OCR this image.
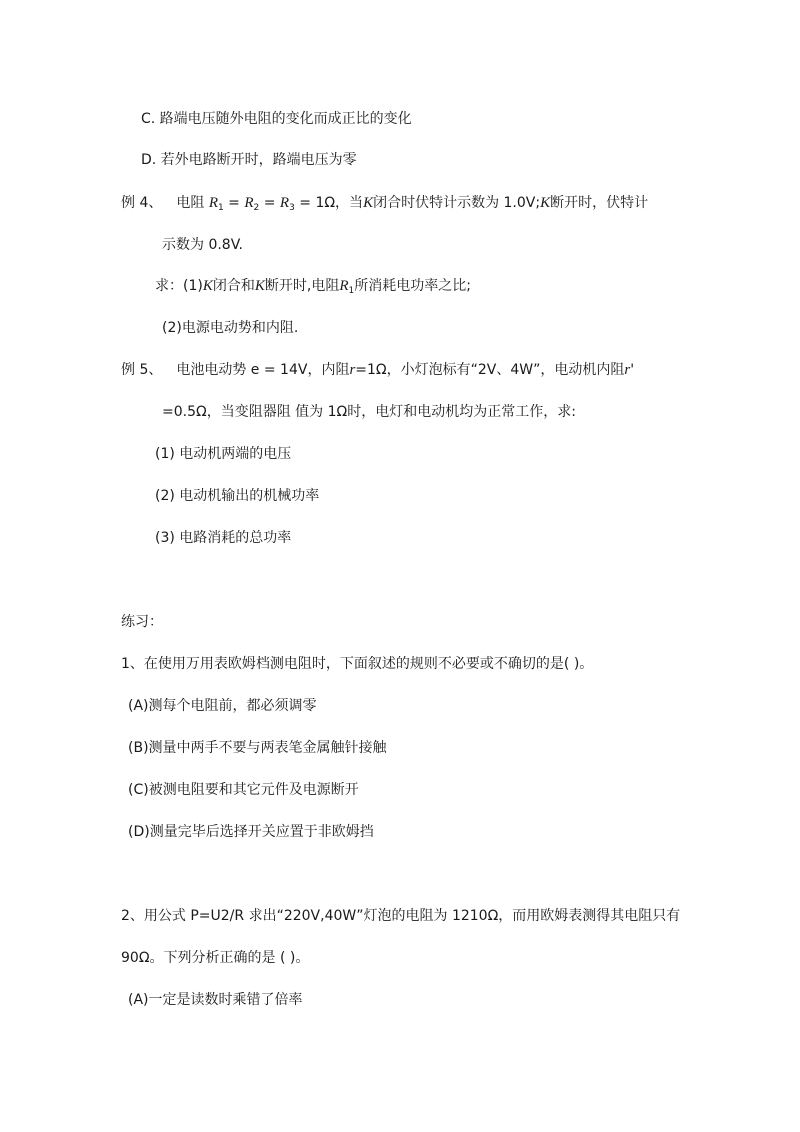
C. 路端电压随外电阻的变化而成正比的变化
D. 若外电路断开时，路端电压为零
例 4、 电阻 $R_1 = R_2 = R_3 = 1\Omega$，当K闭合时伏特计示数为 1.0V;K断开时，伏特计
示数为 0.8V.
求：(1)K闭合和K断开时,电阻$R_1$所消耗电功率之比;
(2)电源电动势和内阻.
例 5、 电池电动势 e = 14V，内阻r=1Ω，小灯泡标有“2V、4W”，电动机内阻r'
=0.5Ω，当变阻器阻 值为 1Ω时，电灯和电动机均为正常工作，求:
(1) 电动机两端的电压
(2) 电动机输出的机械功率
(3) 电路消耗的总功率
练习：
1、在使用万用表欧姆档测电阻时，下面叙述的规则不必要或不确切的是( )。
(A)测每个电阻前，都必须调零
(B)测量中两手不要与两表笔金属触针接触
(C)被测电阻要和其它元件及电源断开
(D)测量完毕后选择开关应置于非欧姆挡
2、用公式 P=U2/R 求出“220V,40W”灯泡的电阻为 1210Ω，而用欧姆表测得其电阻只有
90Ω。下列分析正确的是 ( )。
(A)一定是读数时乘错了倍率
